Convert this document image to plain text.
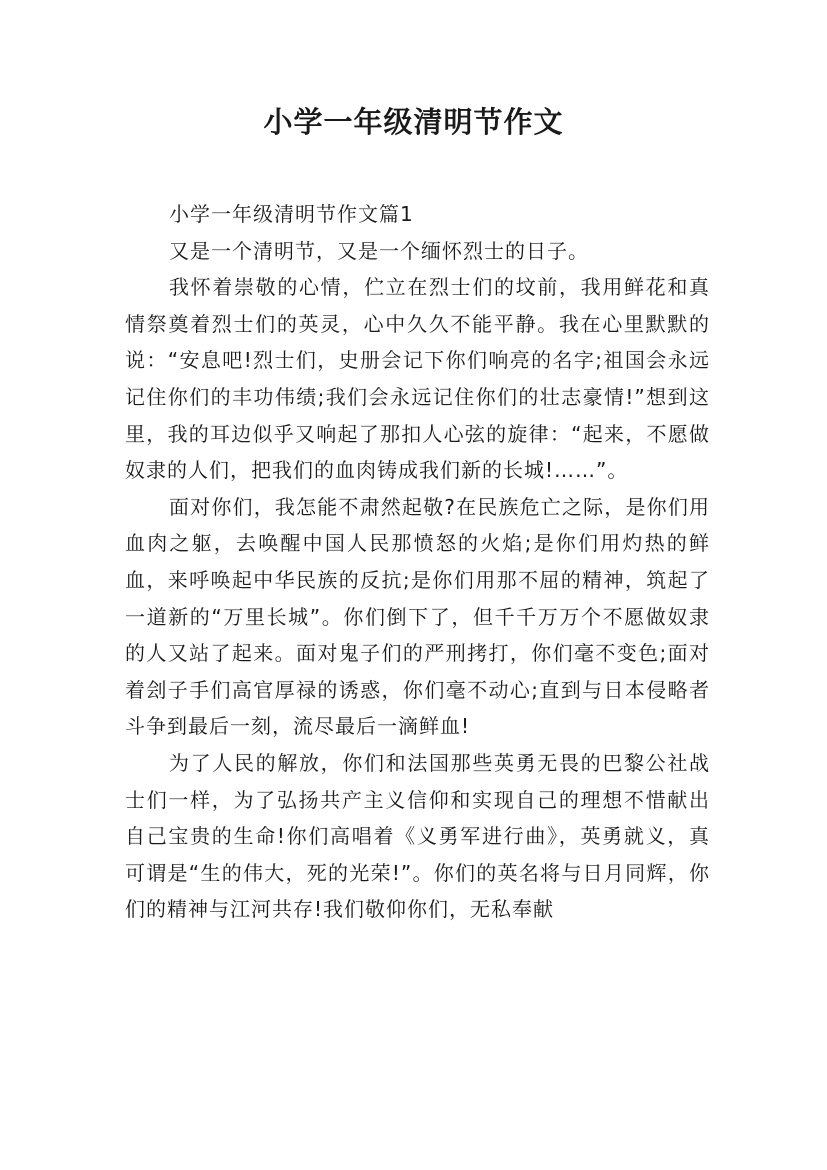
小学一年级清明节作文

小学一年级清明节作文篇1

又是一个清明节，又是一个缅怀烈士的日子。

我怀着崇敬的心情，伫立在烈士们的坟前，我用鲜花和真情祭奠着烈士们的英灵，心中久久不能平静。我在心里默默的说：“安息吧!烈士们，史册会记下你们响亮的名字;祖国会永远记住你们的丰功伟绩;我们会永远记住你们的壮志豪情!”想到这里，我的耳边似乎又响起了那扣人心弦的旋律：“起来，不愿做奴隶的人们，把我们的血肉铸成我们新的长城!……”。

面对你们，我怎能不肃然起敬?在民族危亡之际，是你们用血肉之躯，去唤醒中国人民那愤怒的火焰;是你们用灼热的鲜血，来呼唤起中华民族的反抗;是你们用那不屈的精神，筑起了一道新的“万里长城”。你们倒下了，但千千万万个不愿做奴隶的人又站了起来。面对鬼子们的严刑拷打，你们毫不变色;面对着刽子手们高官厚禄的诱惑，你们毫不动心;直到与日本侵略者斗争到最后一刻，流尽最后一滴鲜血!

为了人民的解放，你们和法国那些英勇无畏的巴黎公社战士们一样，为了弘扬共产主义信仰和实现自己的理想不惜献出自己宝贵的生命!你们高唱着《义勇军进行曲》，英勇就义，真可谓是“生的伟大，死的光荣!”。你们的英名将与日月同辉，你们的精神与江河共存!我们敬仰你们，无私奉献
